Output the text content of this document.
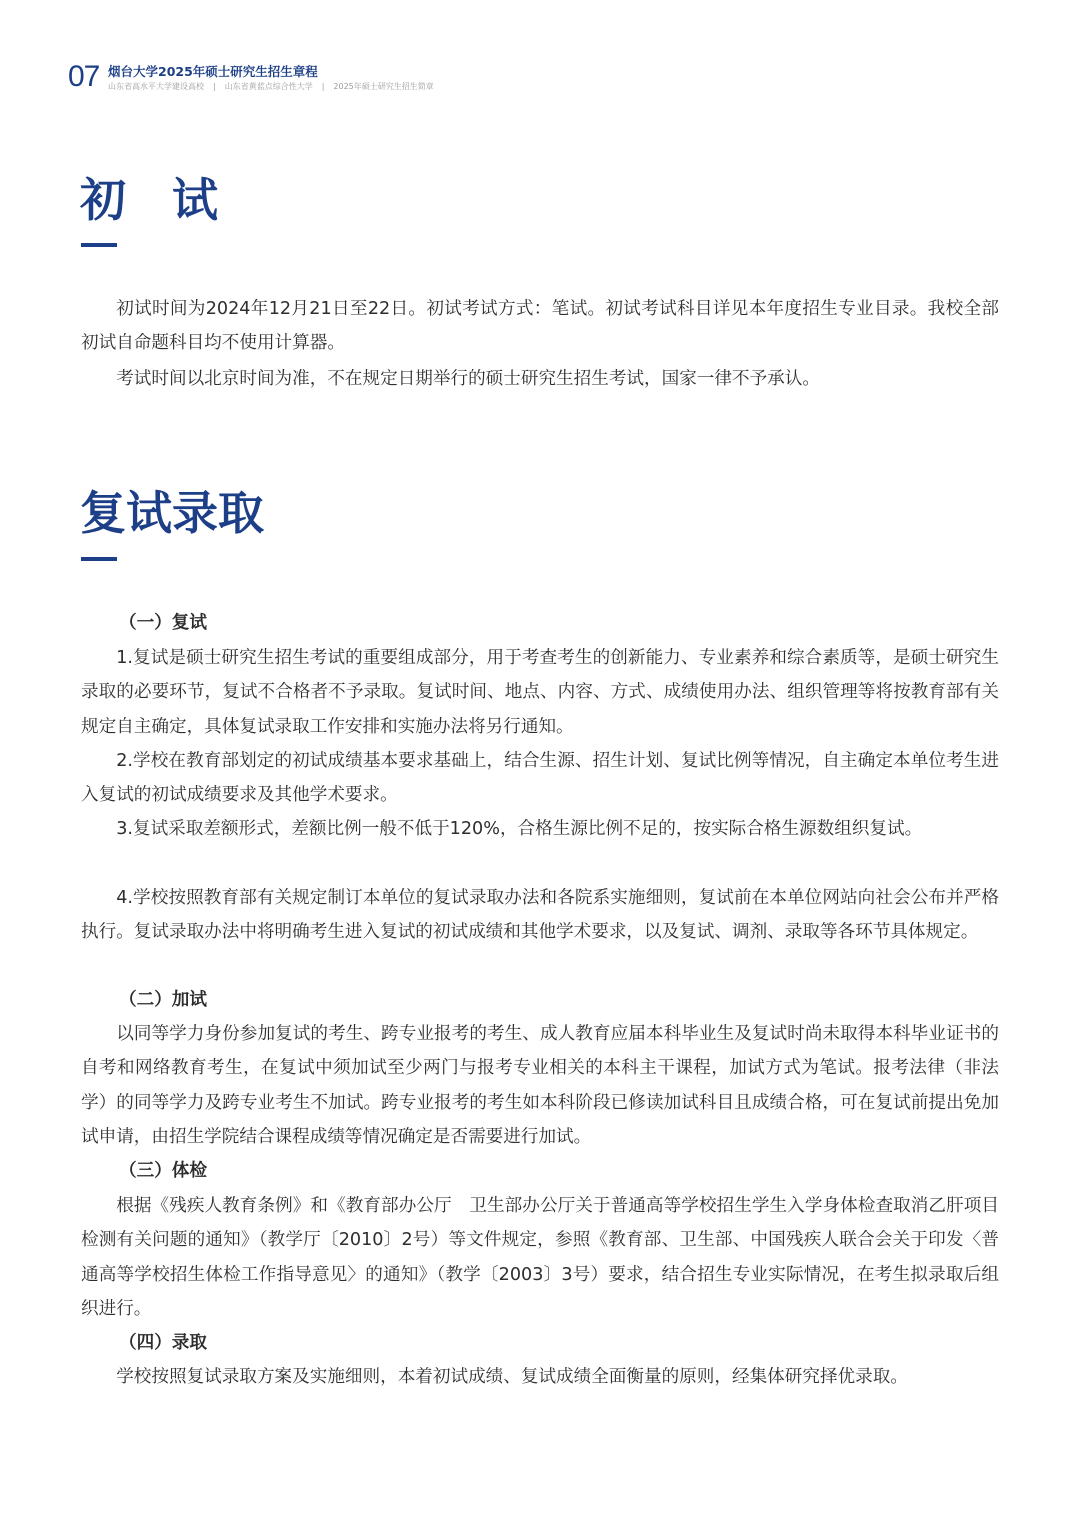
07 烟台大学2025年硕士研究生招生章程
山东省高水平大学建设高校 | 山东省黄蓝点综合性大学 | 2025年硕士研究生招生简章
初　试

初试时间为2024年12月21日至22日。初试考试方式：笔试。初试考试科目详见本年度招生专业目录。我校全部初试自命题科目均不使用计算器。

考试时间以北京时间为准，不在规定日期举行的硕士研究生招生考试，国家一律不予承认。

复试录取
（一）复试

1.复试是硕士研究生招生考试的重要组成部分，用于考查考生的创新能力、专业素养和综合素质等，是硕士研究生录取的必要环节，复试不合格者不予录取。复试时间、地点、内容、方式、成绩使用办法、组织管理等将按教育部有关规定自主确定，具体复试录取工作安排和实施办法将另行通知。

2.学校在教育部划定的初试成绩基本要求基础上，结合生源、招生计划、复试比例等情况，自主确定本单位考生进入复试的初试成绩要求及其他学术要求。

3.复试采取差额形式，差额比例一般不低于120%，合格生源比例不足的，按实际合格生源数组织复试。

4.学校按照教育部有关规定制订本单位的复试录取办法和各院系实施细则，复试前在本单位网站向社会公布并严格执行。复试录取办法中将明确考生进入复试的初试成绩和其他学术要求，以及复试、调剂、录取等各环节具体规定。

（二）加试

以同等学力身份参加复试的考生、跨专业报考的考生、成人教育应届本科毕业生及复试时尚未取得本科毕业证书的自考和网络教育考生，在复试中须加试至少两门与报考专业相关的本科主干课程，加试方式为笔试。报考法律（非法学）的同等学力及跨专业考生不加试。跨专业报考的考生如本科阶段已修读加试科目且成绩合格，可在复试前提出免加试申请，由招生学院结合课程成绩等情况确定是否需要进行加试。

（三）体检

根据《残疾人教育条例》和《教育部办公厅　卫生部办公厅关于普通高等学校招生学生入学身体检查取消乙肝项目检测有关问题的通知》（教学厅〔2010〕2号）等文件规定，参照《教育部、卫生部、中国残疾人联合会关于印发〈普通高等学校招生体检工作指导意见〉的通知》（教学〔2003〕3号）要求，结合招生专业实际情况，在考生拟录取后组织进行。

（四）录取

学校按照复试录取方案及实施细则，本着初试成绩、复试成绩全面衡量的原则，经集体研究择优录取。
